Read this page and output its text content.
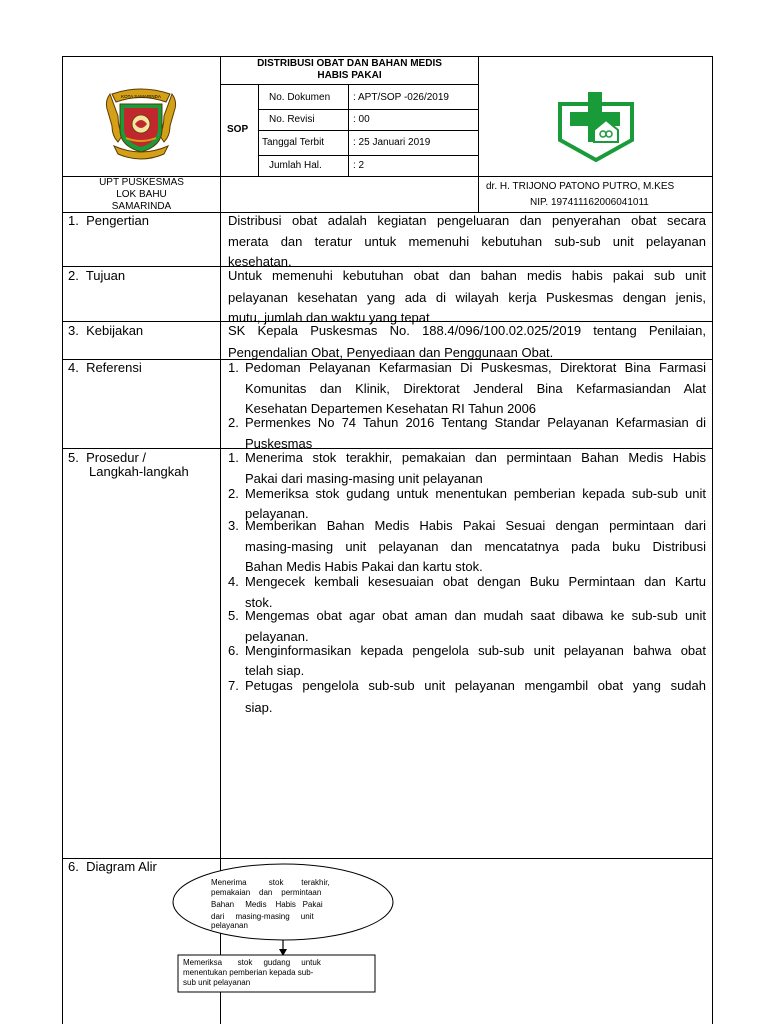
KOTA SAMARINDA
DISTRIBUSI OBAT DAN BAHAN MEDIS
HABIS PAKAI
SOP
No. Dokumen : APT/SOP -026/2019
No. Revisi	: 00
Tanggal Terbit	: 25 Januari 2019
Jumlah Hal.	: 2
UPT PUSKESMAS
LOK BAHU
SAMARINDA
dr. H. TRIJONO PATONO PUTRO, M.KES
NIP. 197411162006041011
1.  Pengertian	Distribusi obat adalah kegiatan pengeluaran dan penyerahan obat secara
merata dan teratur untuk memenuhi kebutuhan sub-sub unit pelayanan
kesehatan.
2.  Tujuan	Untuk memenuhi kebutuhan obat dan bahan medis habis pakai sub unit
pelayanan kesehatan yang ada di wilayah kerja Puskesmas dengan jenis,
mutu, jumlah dan waktu yang tepat
3.  Kebijakan	SK Kepala Puskesmas No. 188.4/096/100.02.025/2019 tentang Penilaian,
Pengendalian Obat, Penyediaan dan Penggunaan Obat.
4.  Referensi	1. Pedoman Pelayanan Kefarmasian Di Puskesmas, Direktorat Bina Farmasi
Komunitas dan Klinik, Direktorat Jenderal Bina Kefarmasiandan Alat
Kesehatan Departemen Kesehatan RI Tahun 2006
2. Permenkes No 74 Tahun 2016 Tentang Standar Pelayanan Kefarmasian di
Puskesmas
5.  Prosedur /
Langkah-langkah
1. Menerima stok terakhir, pemakaian dan permintaan Bahan Medis Habis
Pakai dari masing-masing unit pelayanan
2. Memeriksa stok gudang untuk menentukan pemberian kepada sub-sub unit
pelayanan.
3. Memberikan Bahan Medis Habis Pakai Sesuai dengan permintaan dari
masing-masing unit pelayanan dan mencatatnya pada buku Distribusi
Bahan Medis Habis Pakai dan kartu stok.
4. Mengecek kembali kesesuaian obat dengan Buku Permintaan dan Kartu
stok.
5. Mengemas obat agar obat aman dan mudah saat dibawa ke sub-sub unit
pelayanan.
6. Menginformasikan kepada pengelola sub-sub unit pelayanan bahwa obat
telah siap.
7. Petugas pengelola sub-sub unit pelayanan mengambil obat yang sudah
siap.
6.  Diagram Alir
Menerima          stok        terakhir,
pemakaian    dan    permintaan
Bahan     Medis    Habis   Pakai
dari     masing-masing     unit
pelayanan
Memeriksa       stok     gudang     untuk
menentukan pemberian kepada sub-
sub unit pelayanan
